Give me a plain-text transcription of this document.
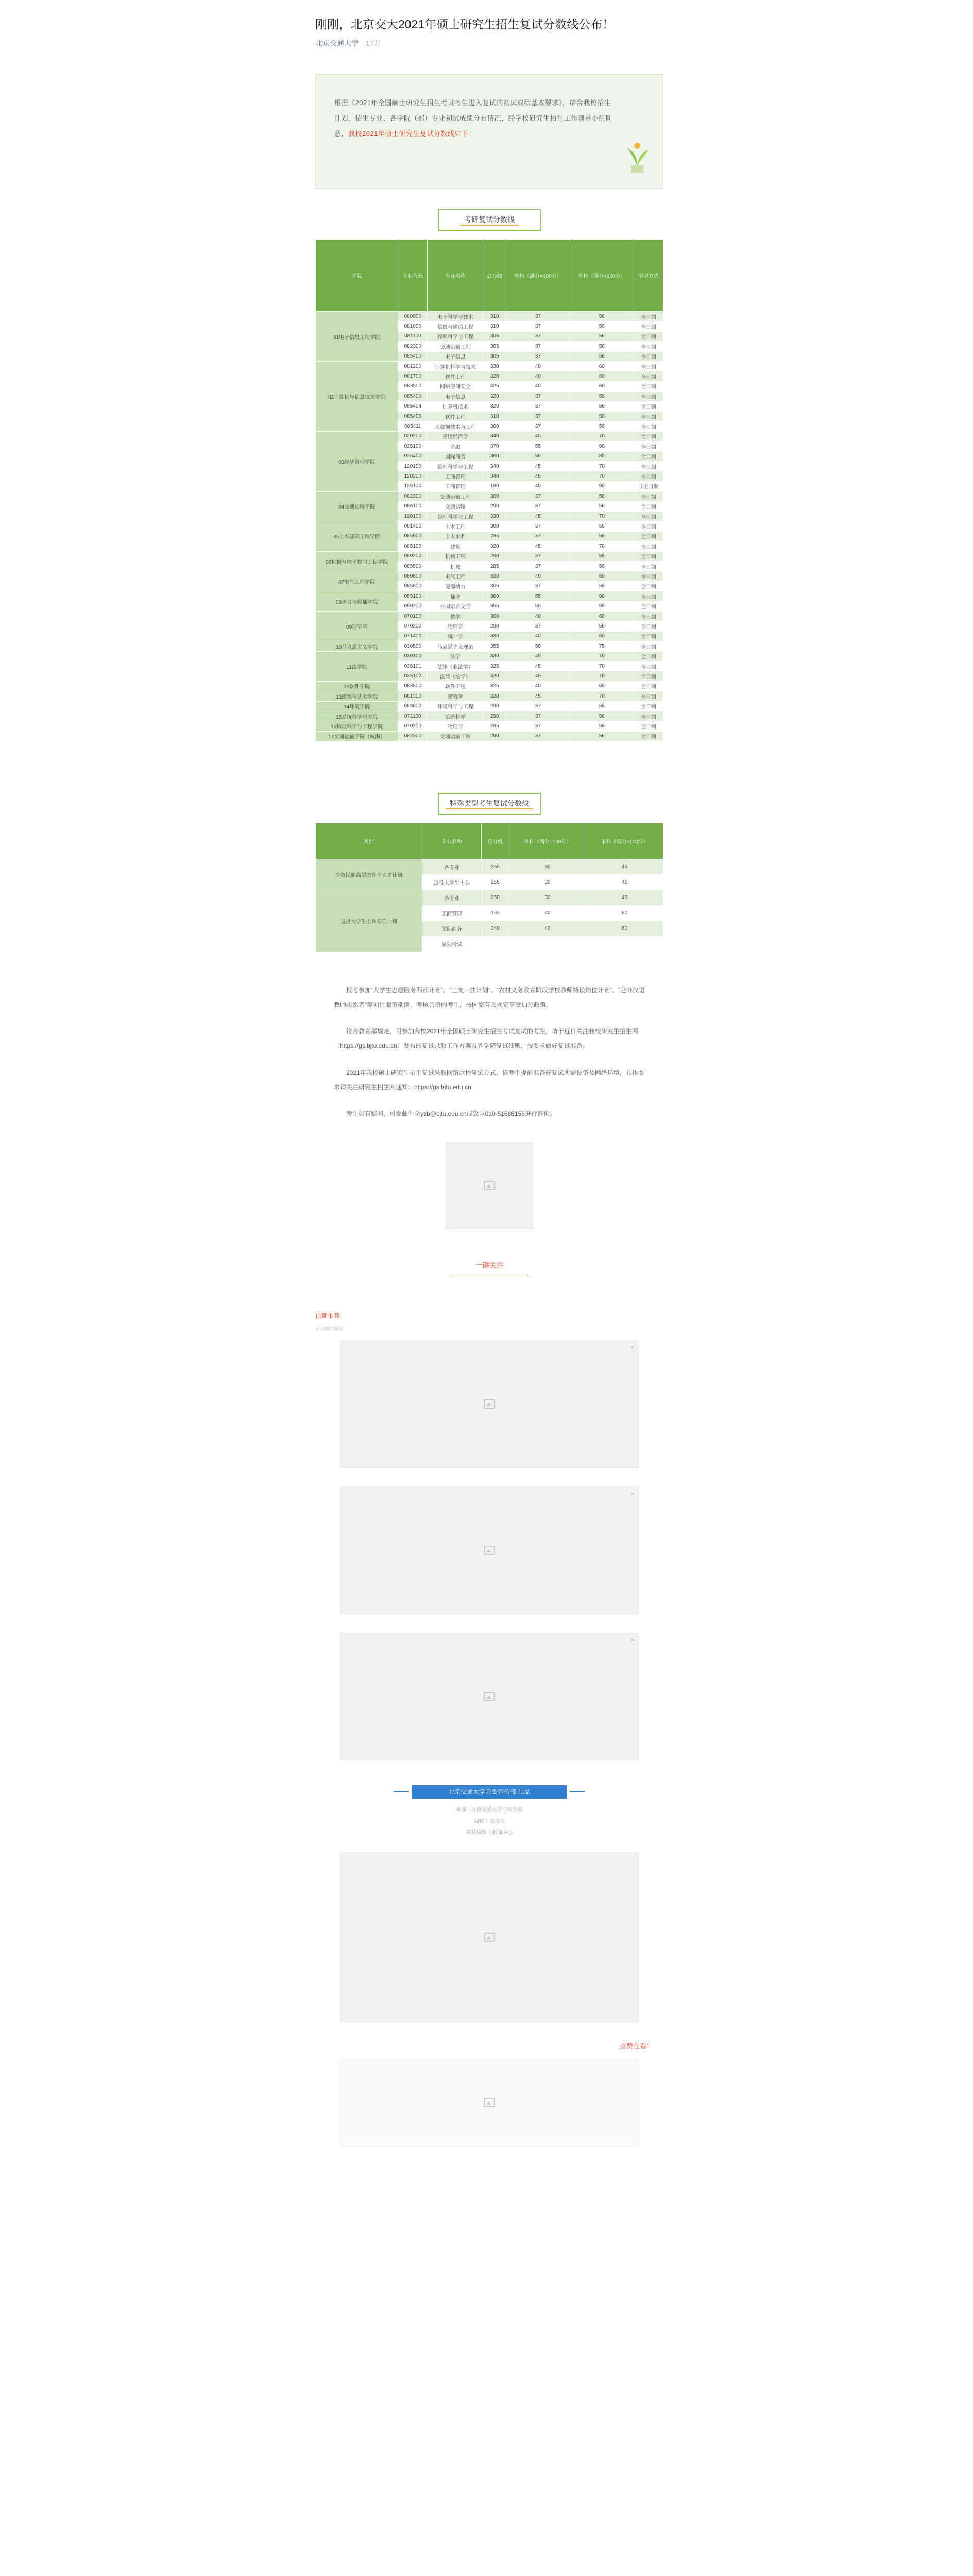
刚刚，北京交大2021年硕士研究生招生复试分数线公布！
北京交通大学 17万

根据《2021年全国硕士研究生招生考试考生进入复试的初试成绩基本要求》，结合我校招生计划、招生专业、各学院（部）专业初试成绩分布情况，经学校研究生招生工作领导小组同意，我校2021年硕士研究生复试分数线如下：

考研复试分数线
学院	专业代码	专业名称	总分线	单科（满分=100分）	单科（满分>100分）	学习方式
01电子信息工程学院	080900	电子科学与技术	310	37	56	全日制
	081000	信息与通信工程	310	37	56	全日制
	081100	控制科学与工程	305	37	56	全日制
	082300	交通运输工程	305	37	56	全日制
	085400	电子信息	305	37	56	全日制
02计算机与信息技术学院	081200	计算机科学与技术	330	40	60	全日制
	081700	软件工程	320	40	60	全日制
	083500	网络空间安全	325	40	60	全日制
	085400	电子信息	320	37	56	全日制
	085404	计算机技术	320	37	56	全日制
	085405	软件工程	310	37	56	全日制
	085411	大数据技术与工程	300	37	56	全日制
03经济管理学院	020200	应用经济学	340	45	70	全日制
	025100	金融	370	55	90	全日制
	025400	国际商务	360	50	80	全日制
	120100	管理科学与工程	340	45	70	全日制
	120200	工商管理	340	45	70	全日制
	125100	工商管理	180	45	90	非全日制
04交通运输学院	082300	交通运输工程	300	37	56	全日制
	086100	交通运输	290	37	56	全日制
	120100	管理科学与工程	330	45	70	全日制
05土木建筑工程学院	081400	土木工程	300	37	56	全日制
	085900	土木水利	285	37	56	全日制
	085100	建筑	320	45	70	全日制
06机械与电子控制工程学院	080200	机械工程	290	37	56	全日制
	085500	机械	285	37	56	全日制
07电气工程学院	080800	电气工程	320	40	60	全日制
	085800	能源动力	305	37	56	全日制
08语言与传播学院	055100	翻译	360	55	90	全日制
	050200	外国语言文学	355	55	90	全日制
09理学院	070100	数学	300	40	60	全日制
	070200	物理学	290	37	56	全日制
	071400	统计学	330	40	60	全日制
10马克思主义学院	030500	马克思主义理论	355	50	75	全日制
11法学院	030100	法学	330	45	70	全日制
	035101	法律（非法学）	325	45	70	全日制
	035102	法律（法学）	320	45	70	全日制
12软件学院	083500	软件工程	325	40	60	全日制
13建筑与艺术学院	081300	建筑学	320	45	70	全日制
14环境学院	083000	环境科学与工程	290	37	56	全日制
15系统科学研究院	071100	系统科学	290	37	56	全日制
16物理科学与工程学院	070200	物理学	285	37	56	全日制
17交通运输学院（威海）	082300	交通运输工程	290	37	56	全日制
特殊类型考生复试分数线
类别	专业名称	总分线	单科（满分=100分）	单科（满分>100分）
少数民族高层次骨干人才计划	各专业	255	30	45
	退役大学生士兵	255	30	45
退役大学生士兵专项计划	各专业	250	30	45
	工商管理	165	40	80
	国际商务	340	40	60
	单独考试			

报考参加“大学生志愿服务西部计划”、“三支一扶计划”、“农村义务教育阶段学校教师特设岗位计划”、“赴外汉语教师志愿者”等项目服务期满、考核合格的考生，按国家有关规定享受加分政策。

符合教育部规定，可参加我校2021年全国硕士研究生招生考试复试的考生，请于近日关注我校研究生招生网（https://gs.bjtu.edu.cn）发布的复试录取工作方案及各学院复试细则，按要求做好复试准备。

2021年我校硕士研究生招生复试采取网络远程复试方式，请考生提前准备好复试所需设备及网络环境，具体要求请关注研究生招生网通知：https://gs.bjtu.edu.cn

考生如有疑问，可发邮件至yzb@bjtu.edu.cn或致电010-51688155进行咨询。

一键关注
往期推荐
点击图片阅读
×
×
×
北京交通大学党委宣传部 出品
来源｜北京交通大学研究生院
编辑｜北交大
责任编辑｜新闻中心
点赞在看！
